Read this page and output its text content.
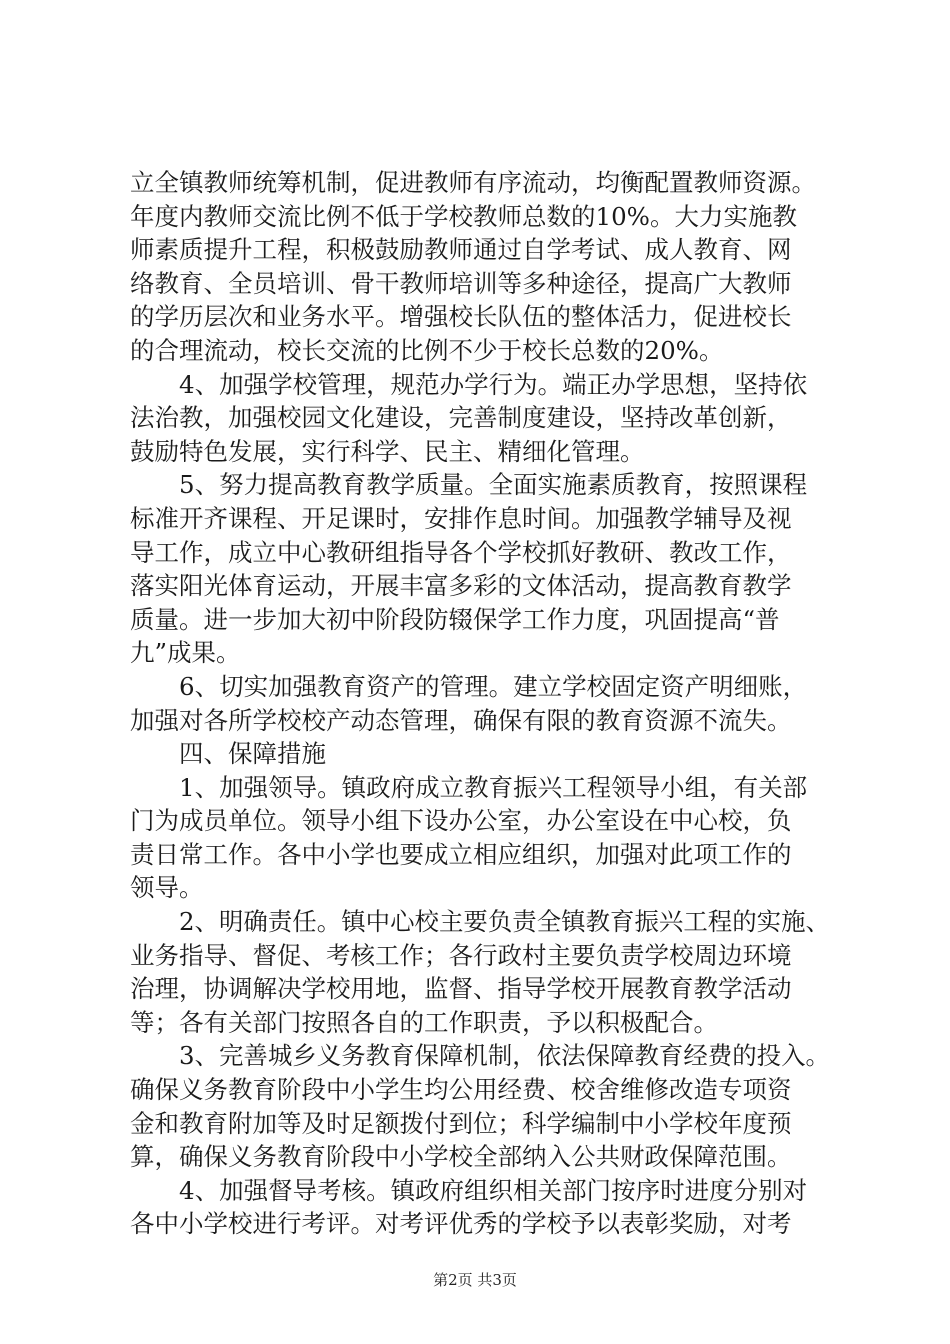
立全镇教师统筹机制，促进教师有序流动，均衡配置教师资源。
年度内教师交流比例不低于学校教师总数的10%。大力实施教
师素质提升工程，积极鼓励教师通过自学考试、成人教育、网
络教育、全员培训、骨干教师培训等多种途径，提高广大教师
的学历层次和业务水平。增强校长队伍的整体活力，促进校长
的合理流动，校长交流的比例不少于校长总数的20%。
4、加强学校管理，规范办学行为。端正办学思想，坚持依
法治教，加强校园文化建设，完善制度建设，坚持改革创新，
鼓励特色发展，实行科学、民主、精细化管理。
5、努力提高教育教学质量。全面实施素质教育，按照课程
标准开齐课程、开足课时，安排作息时间。加强教学辅导及视
导工作，成立中心教研组指导各个学校抓好教研、教改工作，
落实阳光体育运动，开展丰富多彩的文体活动，提高教育教学
质量。进一步加大初中阶段防辍保学工作力度，巩固提高“普
九”成果。
6、切实加强教育资产的管理。建立学校固定资产明细账，
加强对各所学校校产动态管理，确保有限的教育资源不流失。
四、保障措施
1、加强领导。镇政府成立教育振兴工程领导小组，有关部
门为成员单位。领导小组下设办公室，办公室设在中心校，负
责日常工作。各中小学也要成立相应组织，加强对此项工作的
领导。
2、明确责任。镇中心校主要负责全镇教育振兴工程的实施、
业务指导、督促、考核工作；各行政村主要负责学校周边环境
治理，协调解决学校用地，监督、指导学校开展教育教学活动
等；各有关部门按照各自的工作职责，予以积极配合。
3、完善城乡义务教育保障机制，依法保障教育经费的投入。
确保义务教育阶段中小学生均公用经费、校舍维修改造专项资
金和教育附加等及时足额拨付到位；科学编制中小学校年度预
算，确保义务教育阶段中小学校全部纳入公共财政保障范围。
4、加强督导考核。镇政府组织相关部门按序时进度分别对
各中小学校进行考评。对考评优秀的学校予以表彰奖励，对考
第2页 共3页
